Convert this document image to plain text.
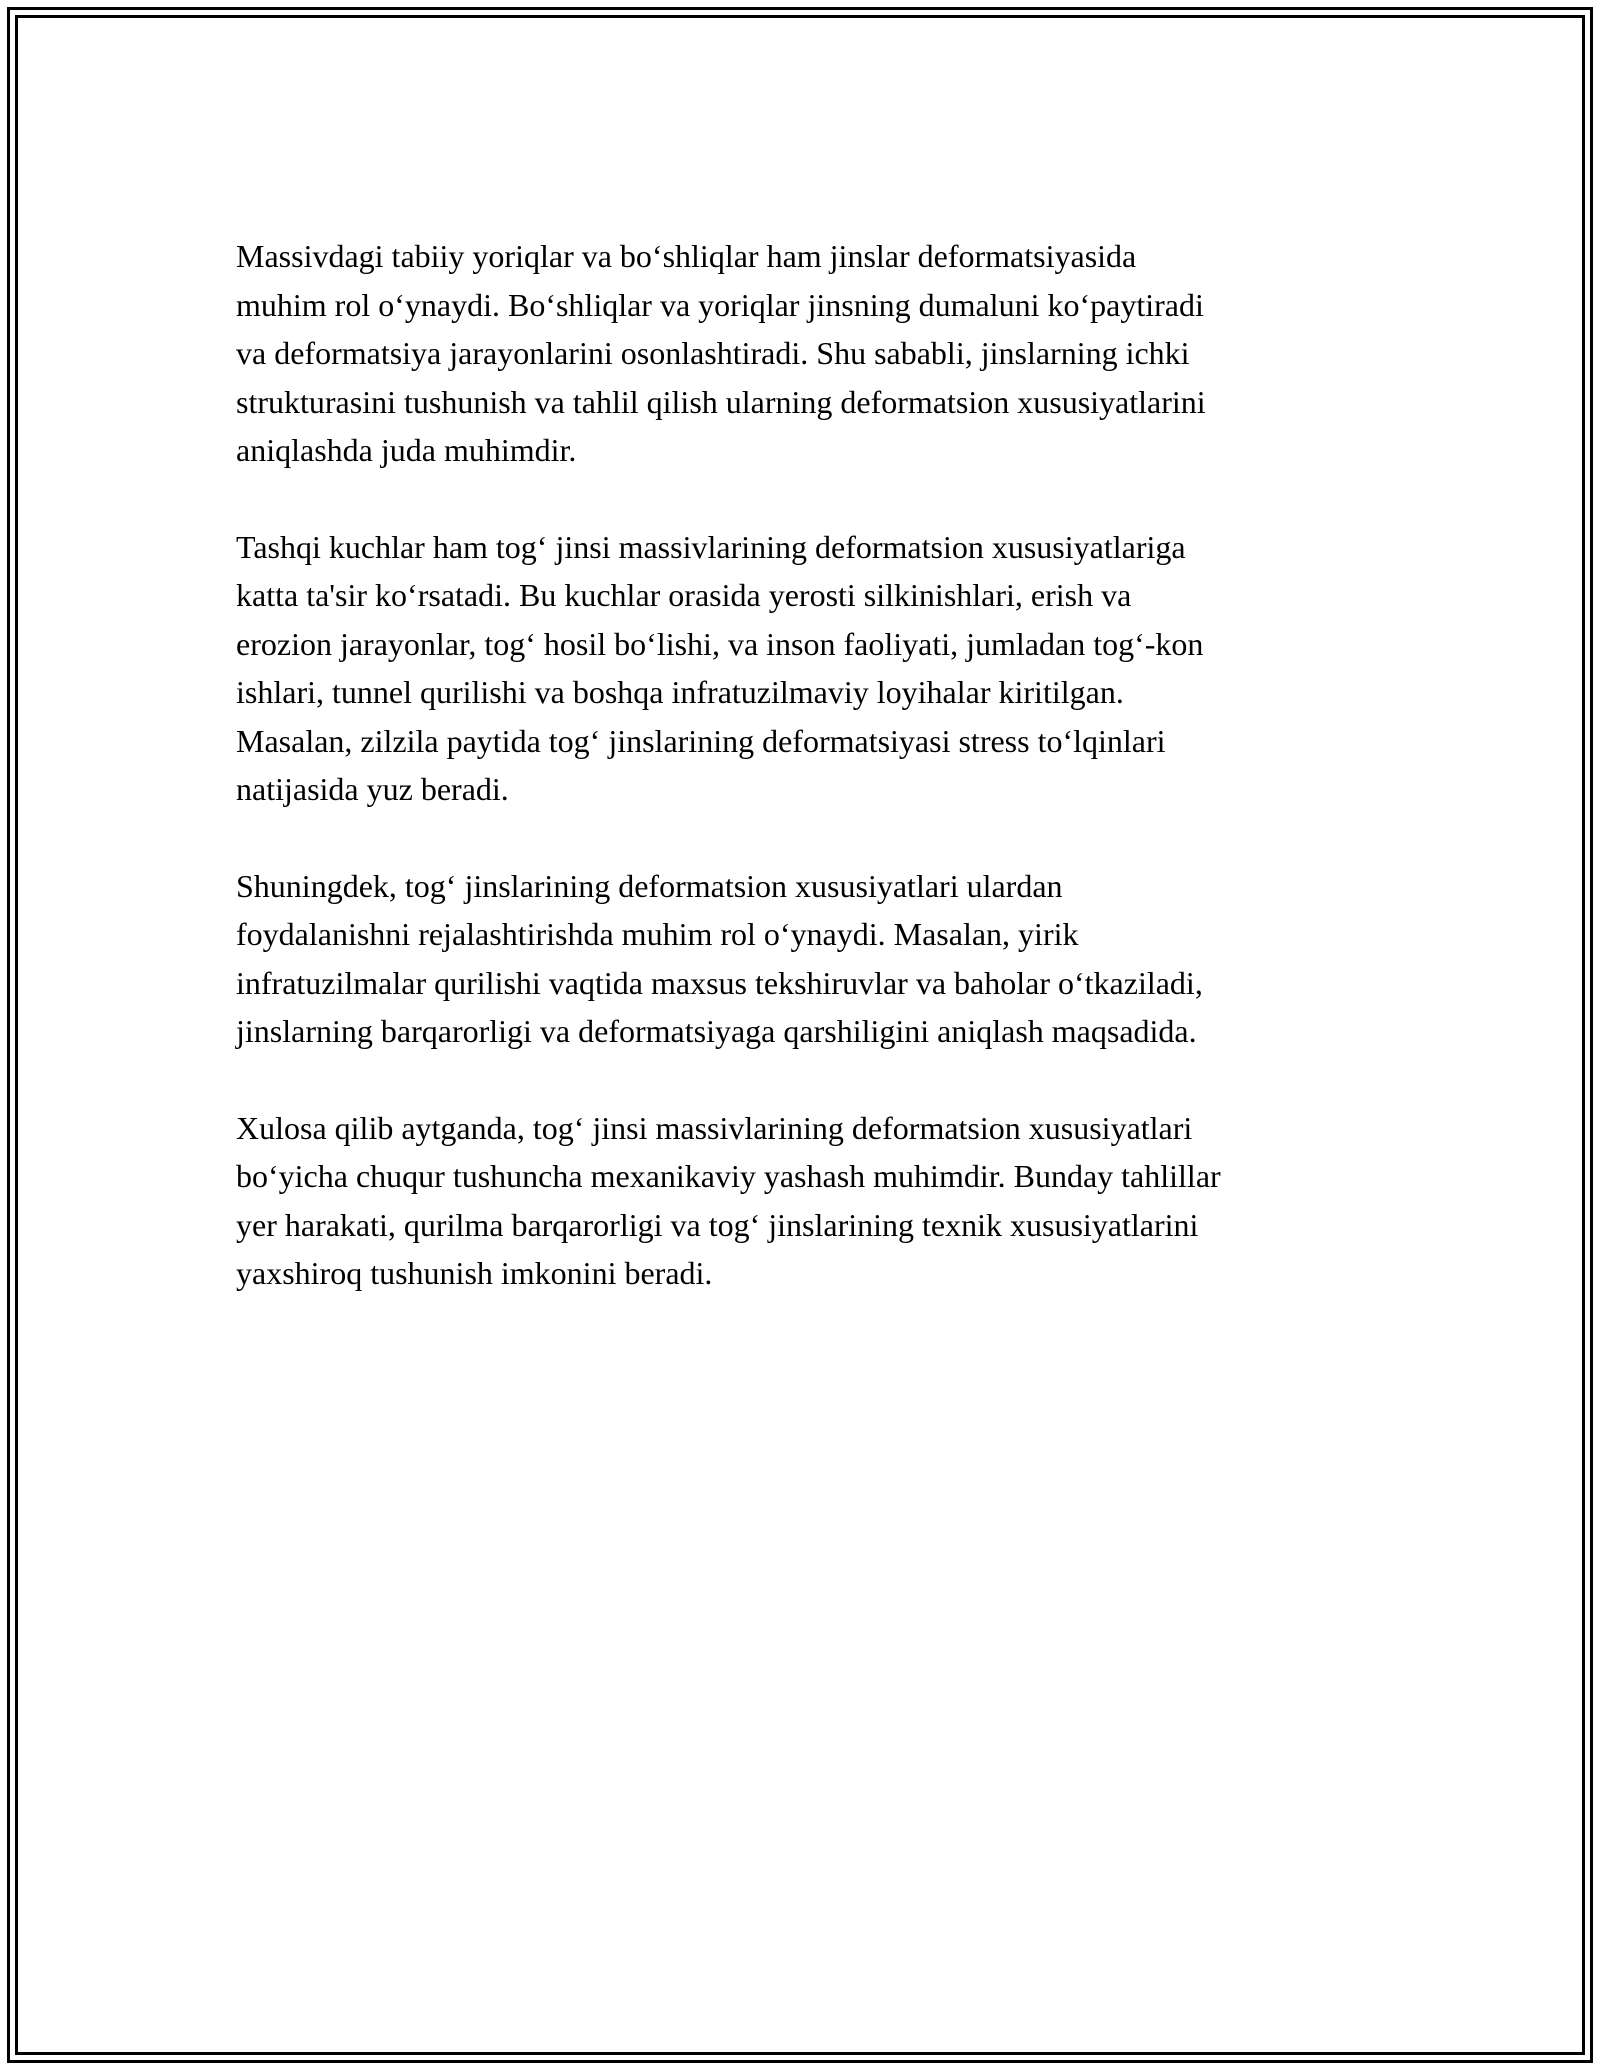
Massivdagi tabiiy yoriqlar va bo‘shliqlar ham jinslar deformatsiyasida
muhim rol o‘ynaydi. Bo‘shliqlar va yoriqlar jinsning dumaluni ko‘paytiradi
va deformatsiya jarayonlarini osonlashtiradi. Shu sababli, jinslarning ichki
strukturasini tushunish va tahlil qilish ularning deformatsion xususiyatlarini
aniqlashda juda muhimdir.

Tashqi kuchlar ham tog‘ jinsi massivlarining deformatsion xususiyatlariga
katta ta'sir ko‘rsatadi. Bu kuchlar orasida yerosti silkinishlari, erish va
erozion jarayonlar, tog‘ hosil bo‘lishi, va inson faoliyati, jumladan tog‘-kon
ishlari, tunnel qurilishi va boshqa infratuzilmaviy loyihalar kiritilgan.
Masalan, zilzila paytida tog‘ jinslarining deformatsiyasi stress to‘lqinlari
natijasida yuz beradi.

Shuningdek, tog‘ jinslarining deformatsion xususiyatlari ulardan
foydalanishni rejalashtirishda muhim rol o‘ynaydi. Masalan, yirik
infratuzilmalar qurilishi vaqtida maxsus tekshiruvlar va baholar o‘tkaziladi,
jinslarning barqarorligi va deformatsiyaga qarshiligini aniqlash maqsadida.

Xulosa qilib aytganda, tog‘ jinsi massivlarining deformatsion xususiyatlari
bo‘yicha chuqur tushuncha mexanikaviy yashash muhimdir. Bunday tahlillar
yer harakati, qurilma barqarorligi va tog‘ jinslarining texnik xususiyatlarini
yaxshiroq tushunish imkonini beradi.
